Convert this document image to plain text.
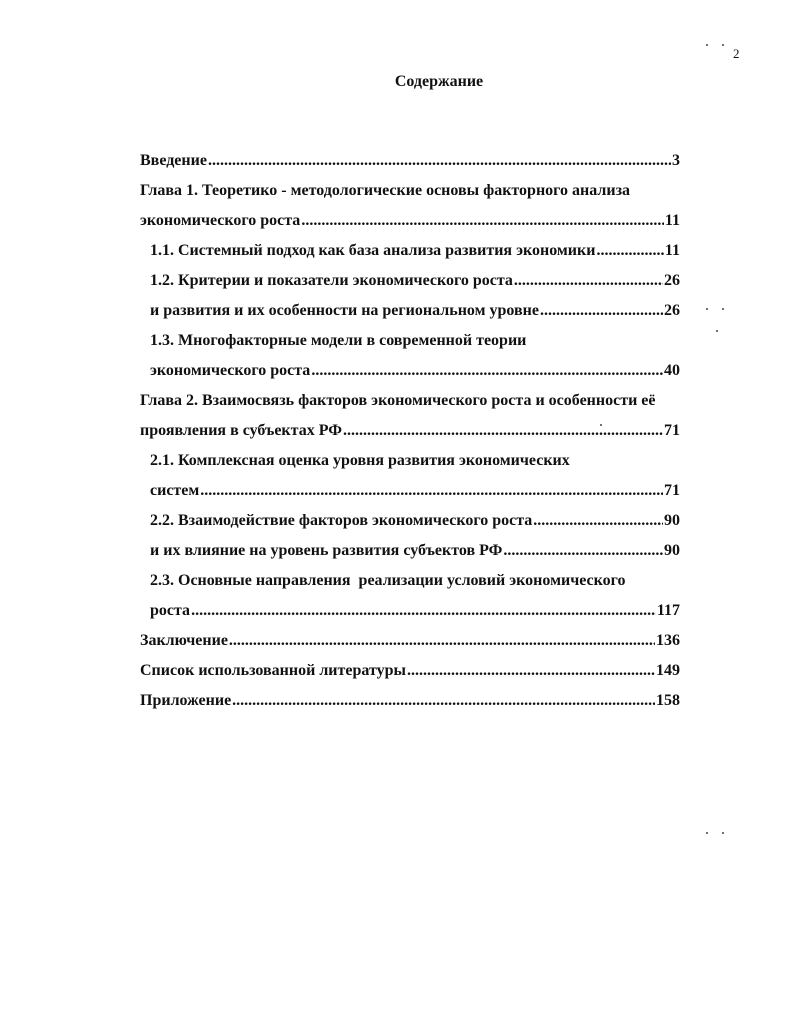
2
Содержание
Введение .....	3
Глава 1. Теоретико - методологические основы факторного анализа
экономического роста .....	11
1.1. Системный подход как база анализа развития экономики .....	11
1.2. Критерии и показатели экономического роста .....	26
и развития и их особенности на региональном уровне .....	26
1.3. Многофакторные модели в современной теории
экономического роста .....	40
Глава 2. Взаимосвязь факторов экономического роста и особенности её
проявления в субъектах РФ .....	71
2.1. Комплексная оценка уровня развития экономических
систем .....	71
2.2. Взаимодействие факторов экономического роста .....	90
и их влияние на уровень развития субъектов РФ .....	90
2.3. Основные направления  реализации условий экономического
роста .....	117
Заключение .....	136
Список использованной литературы .....	149
Приложение .....	158
